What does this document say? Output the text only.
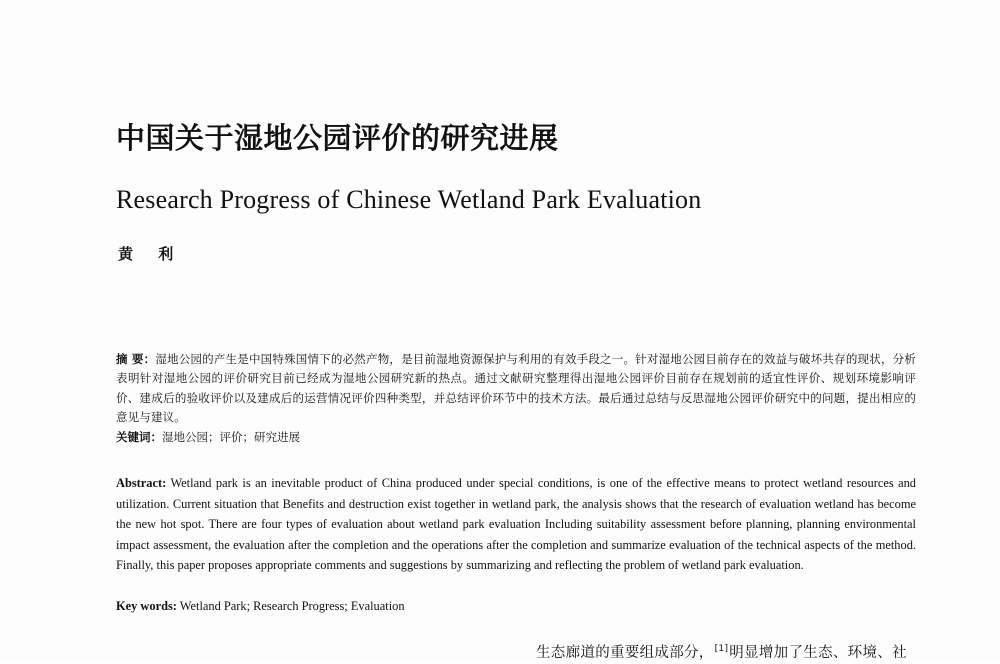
中国关于湿地公园评价的研究进展
Research Progress of Chinese Wetland Park Evaluation
黄 利
摘 要：湿地公园的产生是中国特殊国情下的必然产物，是目前湿地资源保护与利用的有效手段之一。针对湿地公园目前存在的效益与破坏共存的现状，分析表明针对湿地公园的评价研究目前已经成为湿地公园研究新的热点。通过文献研究整理得出湿地公园评价目前存在规划前的适宜性评价、规划环境影响评价、建成后的验收评价以及建成后的运营情况评价四种类型，并总结评价环节中的技术方法。最后通过总结与反思湿地公园评价研究中的问题，提出相应的意见与建议。
关键词：湿地公园；评价；研究进展
Abstract: Wetland park is an inevitable product of China produced under special conditions, is one of the effective means to protect wetland resources and utilization. Current situation that Benefits and destruction exist together in wetland park, the analysis shows that the research of evaluation wetland has become the new hot spot. There are four types of evaluation about wetland park evaluation Including suitability assessment before planning, planning environmental impact assessment, the evaluation after the completion and the operations after the completion and summarize evaluation of the technical aspects of the method. Finally, this paper proposes appropriate comments and suggestions by summarizing and reflecting the problem of wetland park evaluation.
Key words: Wetland Park; Research Progress; Evaluation
生态廊道的重要组成部分，[1]明显增加了生态、环境、社
